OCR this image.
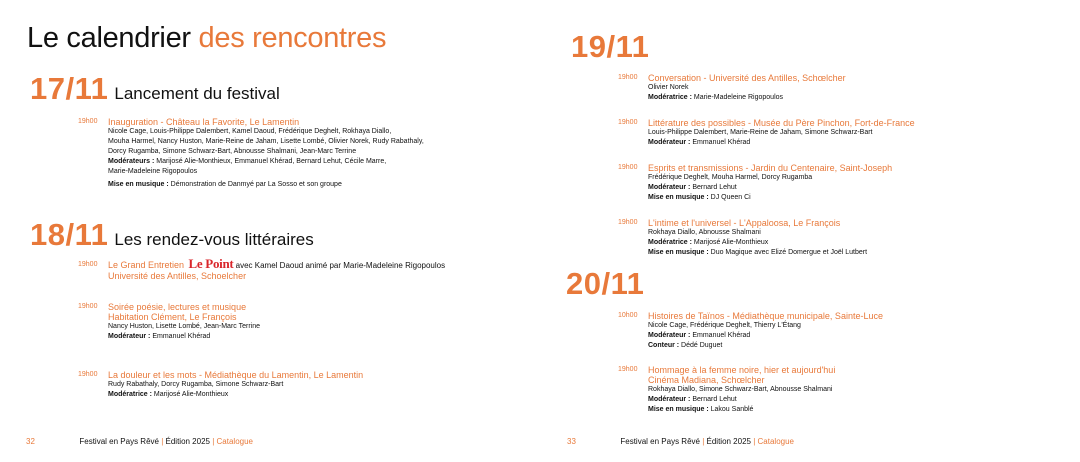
Le calendrier des rencontres
17/11 Lancement du festival
19h00 Inauguration - Château la Favorite, Le Lamentin
Nicole Cage, Louis-Philippe Dalembert, Kamel Daoud, Frédérique Deghelt, Rokhaya Diallo,
Mouha Harmel, Nancy Huston, Marie-Reine de Jaham, Lisette Lombé, Olivier Norek, Rudy Rabathaly,
Dorcy Rugamba, Simone Schwarz-Bart, Abnousse Shalmani, Jean-Marc Terrine
Modérateurs : Marijosé Alie-Monthieux, Emmanuel Khérad, Bernard Lehut, Cécile Marre,
Marie-Madeleine Rigopoulos
Mise en musique : Démonstration de Danmyé par La Sosso et son groupe
18/11 Les rendez-vous littéraires
19h00 Le Grand Entretien Le Point avec Kamel Daoud animé par Marie-Madeleine Rigopoulos
Université des Antilles, Schoelcher
19h00 Soirée poésie, lectures et musique
Habitation Clément, Le François
Nancy Huston, Lisette Lombé, Jean-Marc Terrine
Modérateur : Emmanuel Khérad
19h00 La douleur et les mots - Médiathèque du Lamentin, Le Lamentin
Rudy Rabathaly, Dorcy Rugamba, Simone Schwarz-Bart
Modératrice : Marijosé Alie-Monthieux
32	Festival en Pays Rêvé | Édition 2025 | Catalogue
19/11
19h00 Conversation - Université des Antilles, Schœlcher
Olivier Norek
Modératrice : Marie-Madeleine Rigopoulos
19h00 Littérature des possibles - Musée du Père Pinchon, Fort-de-France
Louis-Philippe Dalembert, Marie-Reine de Jaham, Simone Schwarz-Bart
Modérateur : Emmanuel Khérad
19h00 Esprits et transmissions - Jardin du Centenaire, Saint-Joseph
Frédérique Deghelt, Mouha Harmel, Dorcy Rugamba
Modérateur : Bernard Lehut
Mise en musique : DJ Queen Ci
19h00 L'intime et l'universel - L'Appaloosa, Le François
Rokhaya Diallo, Abnousse Shalmani
Modératrice : Marijosé Alie-Monthieux
Mise en musique : Duo Magique avec Elizé Domergue et Joël Lutbert
20/11
10h00 Histoires de Taïnos - Médiathèque municipale, Sainte-Luce
Nicole Cage, Frédérique Deghelt, Thierry L'Étang
Modérateur : Emmanuel Khérad
Conteur : Dédé Duguet
19h00 Hommage à la femme noire, hier et aujourd'hui
Cinéma Madiana, Schœlcher
Rokhaya Diallo, Simone Schwarz-Bart, Abnousse Shalmani
Modérateur : Bernard Lehut
Mise en musique : Lakou Sanblé
33	Festival en Pays Rêvé | Édition 2025 | Catalogue
